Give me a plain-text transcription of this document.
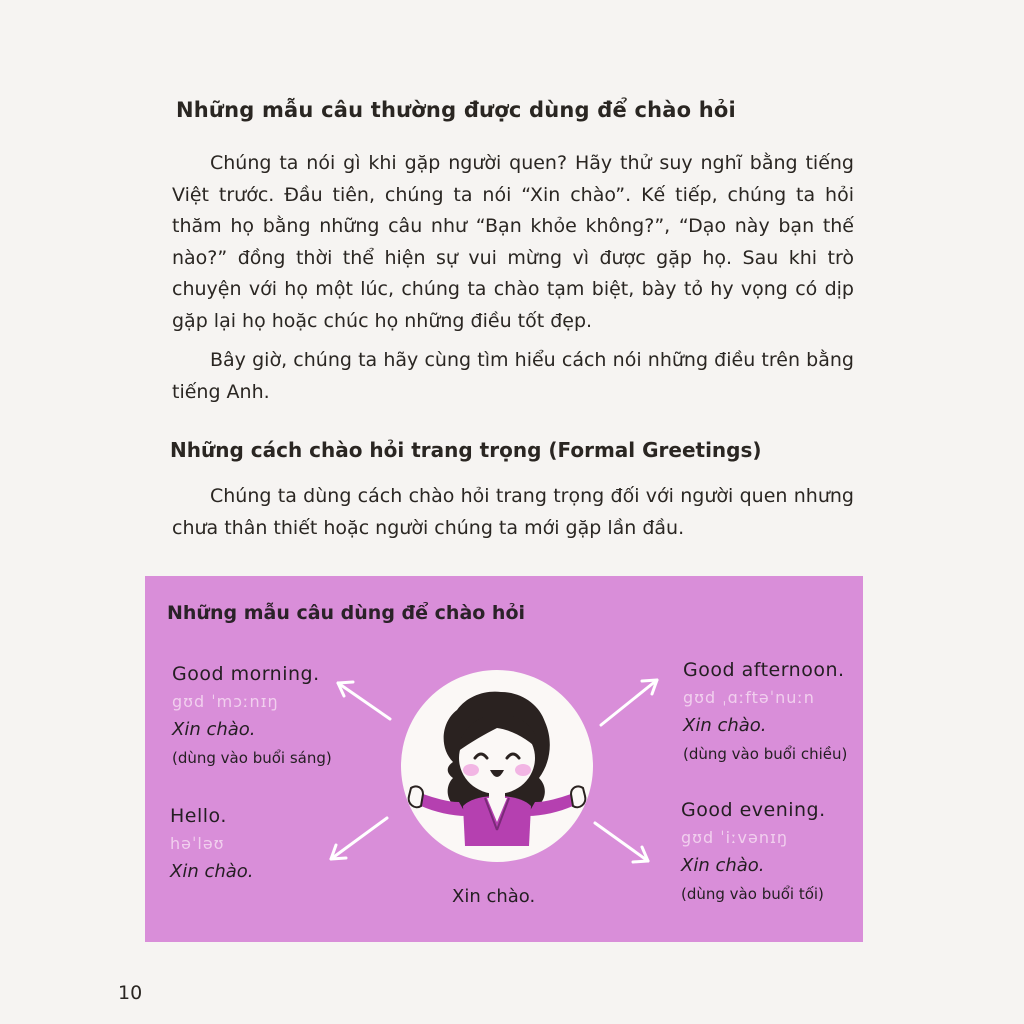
Những mẫu câu thường được dùng để chào hỏi

Chúng ta nói gì khi gặp người quen? Hãy thử suy nghĩ bằng tiếng Việt trước. Đầu tiên, chúng ta nói “Xin chào”. Kế tiếp, chúng ta hỏi thăm họ bằng những câu như “Bạn khỏe không?”, “Dạo này bạn thế nào?” đồng thời thể hiện sự vui mừng vì được gặp họ. Sau khi trò chuyện với họ một lúc, chúng ta chào tạm biệt, bày tỏ hy vọng có dịp gặp lại họ hoặc chúc họ những điều tốt đẹp.

Bây giờ, chúng ta hãy cùng tìm hiểu cách nói những điều trên bằng tiếng Anh.

Những cách chào hỏi trang trọng (Formal Greetings)

Chúng ta dùng cách chào hỏi trang trọng đối với người quen nhưng chưa thân thiết hoặc người chúng ta mới gặp lần đầu.

Những mẫu câu dùng để chào hỏi
Good morning.
gʊd ˈmɔːnɪŋ
Xin chào.
(dùng vào buổi sáng)
Good afternoon.
gʊd ˌɑːftəˈnuːn
Xin chào.
(dùng vào buổi chiều)
Hello.
həˈləʊ
Xin chào.
Good evening.
gʊd ˈiːvənɪŋ
Xin chào.
(dùng vào buổi tối)
Xin chào.
10
